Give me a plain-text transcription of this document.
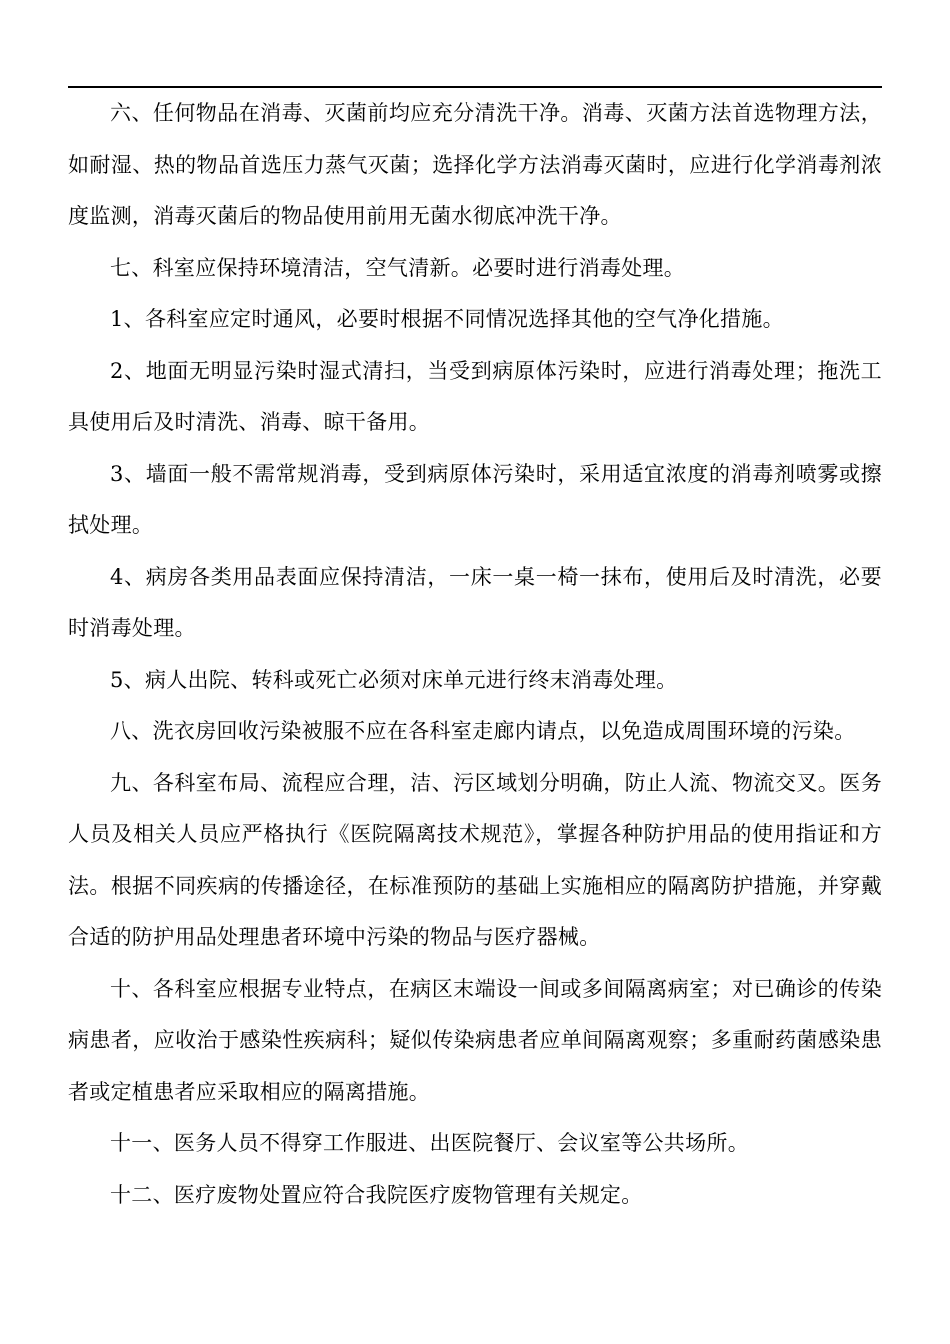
六、任何物品在消毒、灭菌前均应充分清洗干净。消毒、灭菌方法首选物理方法，如耐湿、热的物品首选压力蒸气灭菌；选择化学方法消毒灭菌时，应进行化学消毒剂浓度监测，消毒灭菌后的物品使用前用无菌水彻底冲洗干净。

七、科室应保持环境清洁，空气清新。必要时进行消毒处理。

1、各科室应定时通风，必要时根据不同情况选择其他的空气净化措施。

2、地面无明显污染时湿式清扫，当受到病原体污染时，应进行消毒处理；拖洗工具使用后及时清洗、消毒、晾干备用。

3、墙面一般不需常规消毒，受到病原体污染时，采用适宜浓度的消毒剂喷雾或擦拭处理。

4、病房各类用品表面应保持清洁，一床一桌一椅一抹布，使用后及时清洗，必要时消毒处理。

5、病人出院、转科或死亡必须对床单元进行终末消毒处理。

八、洗衣房回收污染被服不应在各科室走廊内请点，以免造成周围环境的污染。

九、各科室布局、流程应合理，洁、污区域划分明确，防止人流、物流交叉。医务人员及相关人员应严格执行《医院隔离技术规范》，掌握各种防护用品的使用指证和方法。根据不同疾病的传播途径，在标准预防的基础上实施相应的隔离防护措施，并穿戴合适的防护用品处理患者环境中污染的物品与医疗器械。

十、各科室应根据专业特点，在病区末端设一间或多间隔离病室；对已确诊的传染病患者，应收治于感染性疾病科；疑似传染病患者应单间隔离观察；多重耐药菌感染患者或定植患者应采取相应的隔离措施。

十一、医务人员不得穿工作服进、出医院餐厅、会议室等公共场所。

十二、医疗废物处置应符合我院医疗废物管理有关规定。
